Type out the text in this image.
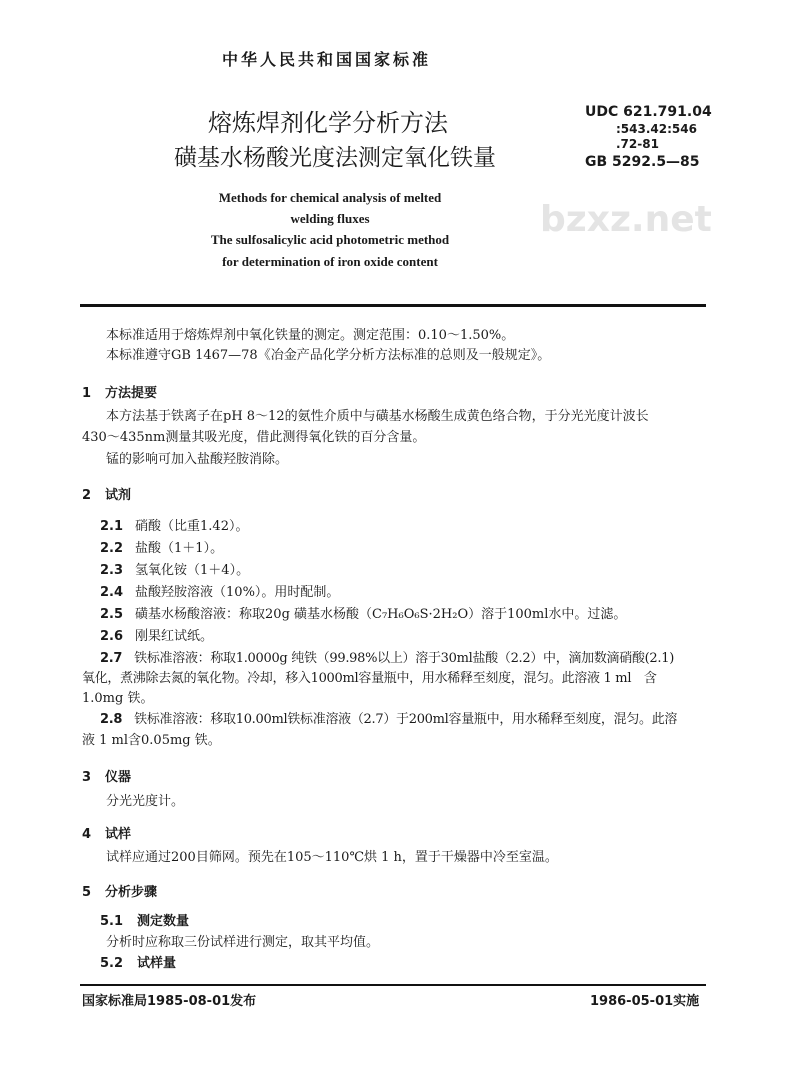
bzxz.net
中华人民共和国国家标准
熔炼焊剂化学分析方法
磺基水杨酸光度法测定氧化铁量
UDC 621.791.04
:543.42:546
.72-81
GB 5292.5—85
Methods for chemical analysis of melted
welding fluxes
The sulfosalicylic acid photometric method
for determination of iron oxide content
本标准适用于熔炼焊剂中氧化铁量的测定。测定范围：0.10～1.50%。
本标准遵守GB 1467—78《冶金产品化学分析方法标准的总则及一般规定》。
1 方法提要
本方法基于铁离子在pH 8～12的氨性介质中与磺基水杨酸生成黄色络合物，于分光光度计波长
430～435nm测量其吸光度，借此测得氧化铁的百分含量。
锰的影响可加入盐酸羟胺消除。
2 试剂
2.1 硝酸（比重1.42）。
2.2 盐酸（1＋1）。
2.3 氢氧化铵（1＋4）。
2.4 盐酸羟胺溶液（10%）。用时配制。
2.5 磺基水杨酸溶液：称取20g 磺基水杨酸（C₇H₆O₆S·2H₂O）溶于100ml水中。过滤。
2.6 刚果红试纸。
2.7 铁标准溶液：称取1.0000g 纯铁（99.98%以上）溶于30ml盐酸（2.2）中，滴加数滴硝酸(2.1)
氧化，煮沸除去氮的氧化物。冷却，移入1000ml容量瓶中，用水稀释至刻度，混匀。此溶液 1 ml　含
1.0mg 铁。
2.8 铁标准溶液：移取10.00ml铁标准溶液（2.7）于200ml容量瓶中，用水稀释至刻度，混匀。此溶
液 1 ml含0.05mg 铁。
3 仪器
分光光度计。
4 试样
试样应通过200目筛网。预先在105～110℃烘 1 h，置于干燥器中冷至室温。
5 分析步骤
5.1 测定数量
分析时应称取三份试样进行测定，取其平均值。
5.2 试样量
国家标准局1985-08-01发布	1986-05-01实施
